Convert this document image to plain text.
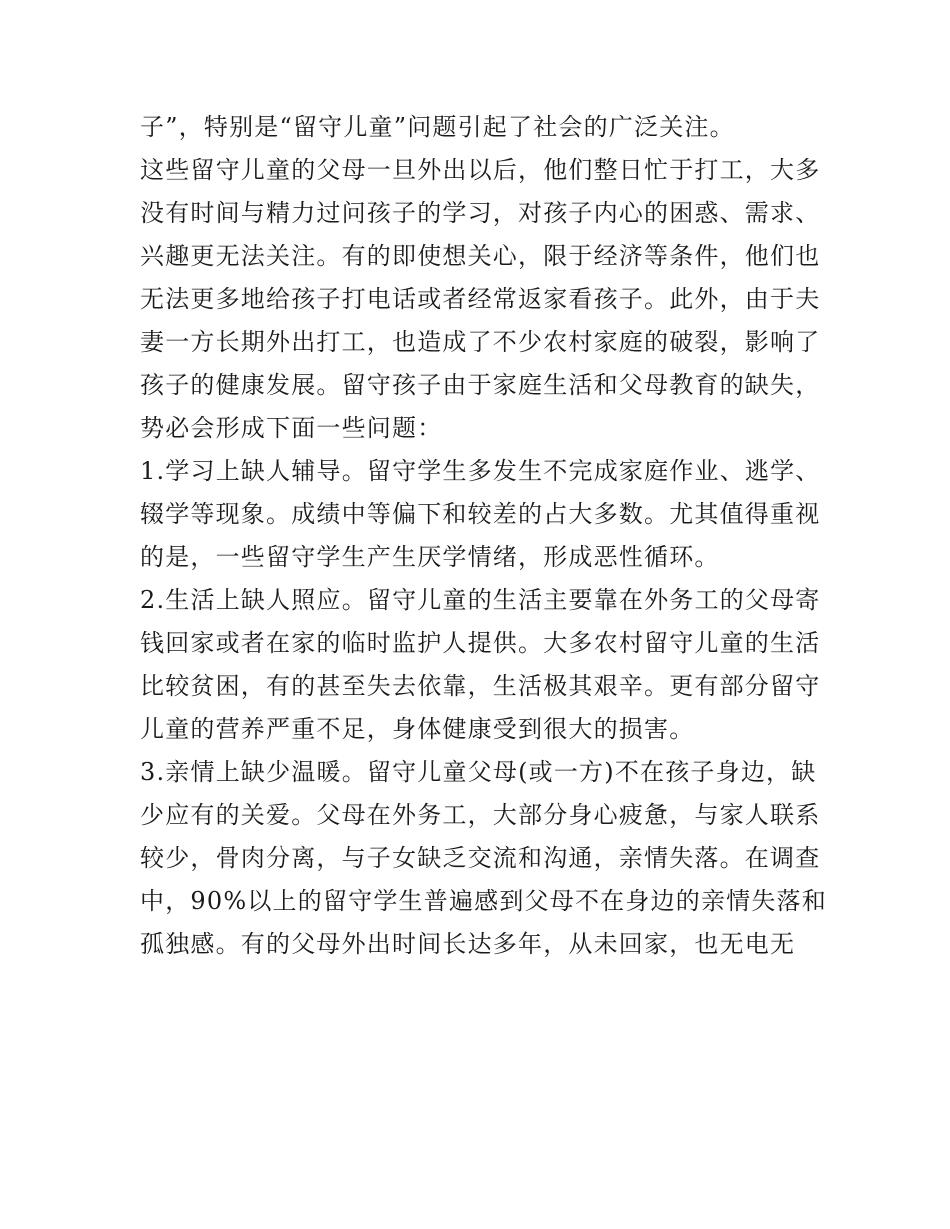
子”，特别是“留守儿童”问题引起了社会的广泛关注。
这些留守儿童的父母一旦外出以后，他们整日忙于打工，大多
没有时间与精力过问孩子的学习，对孩子内心的困惑、需求、
兴趣更无法关注。有的即使想关心，限于经济等条件，他们也
无法更多地给孩子打电话或者经常返家看孩子。此外，由于夫
妻一方长期外出打工，也造成了不少农村家庭的破裂，影响了
孩子的健康发展。留守孩子由于家庭生活和父母教育的缺失，
势必会形成下面一些问题：
1.学习上缺人辅导。留守学生多发生不完成家庭作业、逃学、
辍学等现象。成绩中等偏下和较差的占大多数。尤其值得重视
的是，一些留守学生产生厌学情绪，形成恶性循环。
2.生活上缺人照应。留守儿童的生活主要靠在外务工的父母寄
钱回家或者在家的临时监护人提供。大多农村留守儿童的生活
比较贫困，有的甚至失去依靠，生活极其艰辛。更有部分留守
儿童的营养严重不足，身体健康受到很大的损害。
3.亲情上缺少温暖。留守儿童父母(或一方)不在孩子身边，缺
少应有的关爱。父母在外务工，大部分身心疲惫，与家人联系
较少，骨肉分离，与子女缺乏交流和沟通，亲情失落。在调查
中，90%以上的留守学生普遍感到父母不在身边的亲情失落和
孤独感。有的父母外出时间长达多年，从未回家，也无电无
